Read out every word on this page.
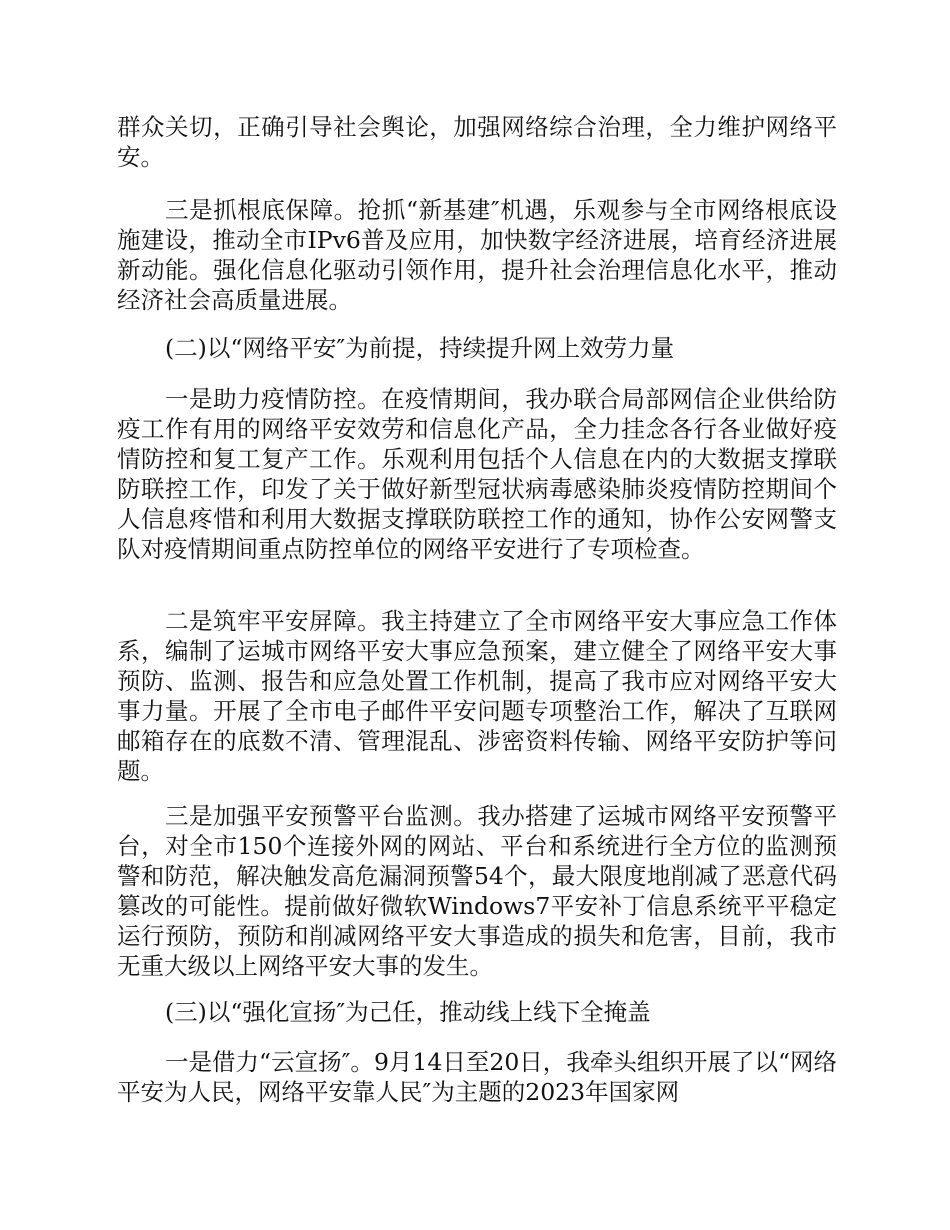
群众关切，正确引导社会舆论，加强网络综合治理，全力维护网络平安。

三是抓根底保障。抢抓“新基建″机遇，乐观参与全市网络根底设施建设，推动全市IPv6普及应用，加快数字经济进展，培育经济进展新动能。强化信息化驱动引领作用，提升社会治理信息化水平，推动经济社会高质量进展。

(二)以“网络平安″为前提，持续提升网上效劳力量

一是助力疫情防控。在疫情期间，我办联合局部网信企业供给防疫工作有用的网络平安效劳和信息化产品，全力挂念各行各业做好疫情防控和复工复产工作。乐观利用包括个人信息在内的大数据支撑联防联控工作，印发了关于做好新型冠状病毒感染肺炎疫情防控期间个人信息疼惜和利用大数据支撑联防联控工作的通知，协作公安网警支队对疫情期间重点防控单位的网络平安进行了专项检查。

二是筑牢平安屏障。我主持建立了全市网络平安大事应急工作体系，编制了运城市网络平安大事应急预案，建立健全了网络平安大事预防、监测、报告和应急处置工作机制，提高了我市应对网络平安大事力量。开展了全市电子邮件平安问题专项整治工作，解决了互联网邮箱存在的底数不清、管理混乱、涉密资料传输、网络平安防护等问题。

三是加强平安预警平台监测。我办搭建了运城市网络平安预警平台，对全市150个连接外网的网站、平台和系统进行全方位的监测预警和防范，解决触发高危漏洞预警54个，最大限度地削减了恶意代码篡改的可能性。提前做好微软Windows7平安补丁信息系统平平稳定运行预防，预防和削减网络平安大事造成的损失和危害，目前，我市无重大级以上网络平安大事的发生。

(三)以“强化宣扬″为己任，推动线上线下全掩盖

一是借力“云宣扬″。9月14日至20日，我牵头组织开展了以“网络平安为人民，网络平安靠人民″为主题的2023年国家网
